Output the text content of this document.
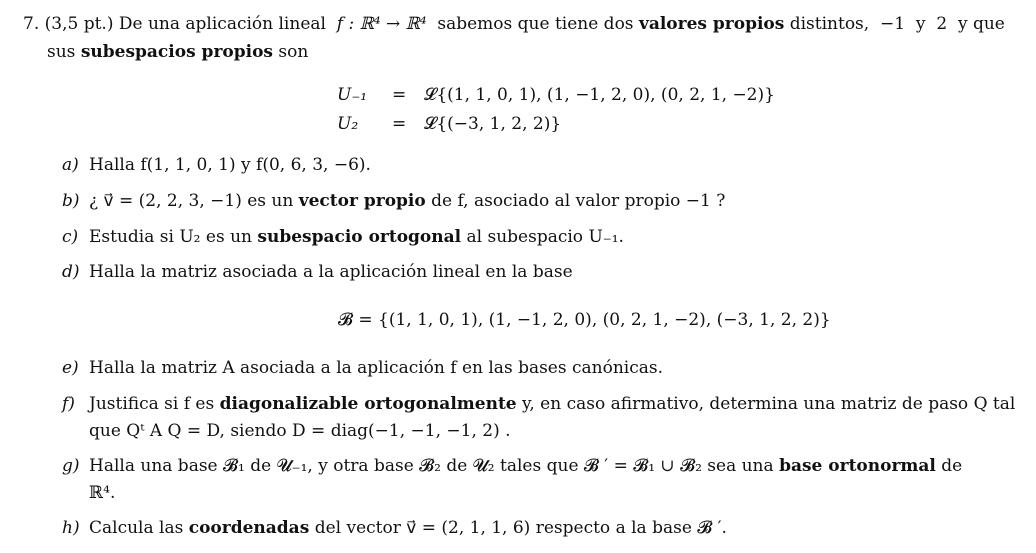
7. (3,5 pt.) De una aplicación lineal f : ℝ⁴ → ℝ⁴ sabemos que tiene dos valores propios distintos, −1 y 2 y que
sus subespacios propios son
U₋₁ = 𝓛{(1, 1, 0, 1), (1, −1, 2, 0), (0, 2, 1, −2)}
U₂ = 𝓛{(−3, 1, 2, 2)}
a) Halla f(1, 1, 0, 1) y f(0, 6, 3, −6).
b) ¿ v⃗ = (2, 2, 3, −1) es un vector propio de f, asociado al valor propio −1 ?
c) Estudia si U₂ es un subespacio ortogonal al subespacio U₋₁.
d) Halla la matriz asociada a la aplicación lineal en la base
𝓑 = {(1, 1, 0, 1), (1, −1, 2, 0), (0, 2, 1, −2), (−3, 1, 2, 2)}
e) Halla la matriz A asociada a la aplicación f en las bases canónicas.
f) Justifica si f es diagonalizable ortogonalmente y, en caso afirmativo, determina una matriz de paso Q tal
que Qᵗ A Q = D, siendo D = diag(−1, −1, −1, 2) .
g) Halla una base 𝓑₁ de 𝓤₋₁, y otra base 𝓑₂ de 𝓤₂ tales que 𝓑 ′ = 𝓑₁ ∪ 𝓑₂ sea una base ortonormal de
ℝ⁴.
h) Calcula las coordenadas del vector v⃗ = (2, 1, 1, 6) respecto a la base 𝓑 ′.
